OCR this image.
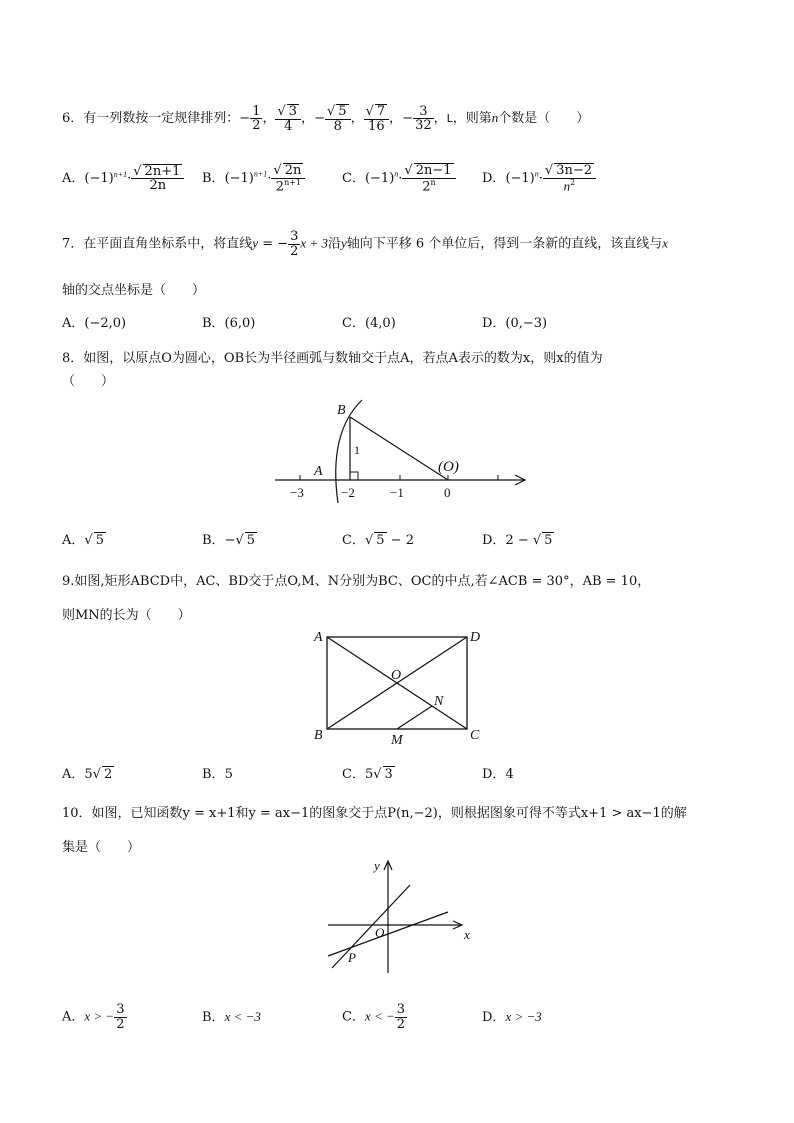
6．有一列数按一定规律排列：− $\frac{1}{2}$ ， $\frac{√ 3}{4}$ ，− $\frac{√ 5}{8}$ ， $\frac{√ 7}{16}$ ，− $\frac{3}{32}$ ，L，则第n个数是（　　）
A．$(-1)^{n+1}\cdot \frac{√ 2n+1}{2n}$ B．$(-1)^{n+1}\cdot \frac{√ 2n}{2^{n+1}}$	C．$(-1)^n\cdot \frac{√ 2n-1}{2^n}$ D．$(-1)^n\cdot \frac{√ 3n-2}{n^2}$
7．在平面直角坐标系中，将直线y = − $\frac{3}{2}$ x + 3沿y轴向下平移 6 个单位后，得到一条新的直线，该直线与x
轴的交点坐标是（　　）
A．(−2,0)	B．(6,0)	C．(4,0)	D．(0,−3)
8．如图，以原点O为圆心，OB长为半径画弧与数轴交于点A，若点A表示的数为x，则x的值为
（　　）
B
1
A	(O)
−3	−2	−1	0
A．√ 5	B．−√ 5	C．√ 5 − 2	D．2 − √ 5
9.如图,矩形ABCD中，AC、BD交于点O,M、N分别为BC、OC的中点,若∠ACB = 30°，AB = 10，
则MN的长为（　　）
A	D
B	C
O
N
M
A．5√ 2	B．5	C．5√ 3	D．4
10．如图，已知函数y = x+1和y = ax−1的图象交于点P(n,−2)，则根据图象可得不等式x+1 > ax−1的解
集是（　　）
y
x
O
P
A．x > − $\frac{3}{2}$	B．x < −3	C．x < − $\frac{3}{2}$	D．x > −3
